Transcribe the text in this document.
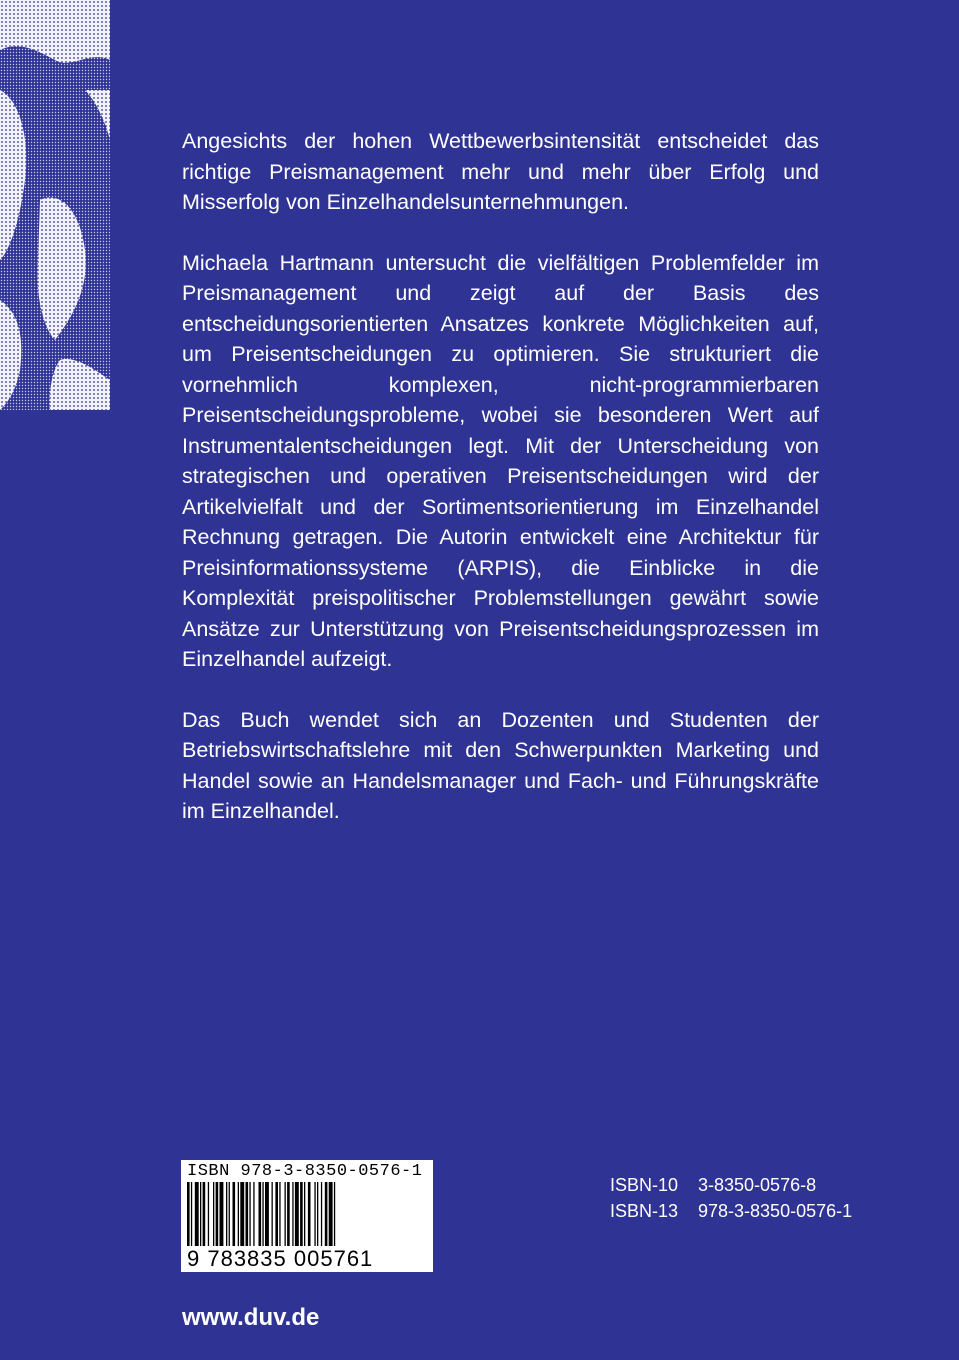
Angesichts der hohen Wettbewerbsintensität entscheidet das richtige Preismanagement mehr und mehr über Erfolg und Misserfolg von Einzelhandelsunternehmungen.

Michaela Hartmann untersucht die vielfältigen Problemfelder im Preismanagement und zeigt auf der Basis des entscheidungsorientierten Ansatzes konkrete Möglichkeiten auf, um Preisentscheidungen zu optimieren. Sie strukturiert die vornehmlich komplexen, nicht-programmierbaren Preisentscheidungsprobleme, wobei sie besonderen Wert auf Instrumentalentscheidungen legt. Mit der Unterscheidung von strategischen und operativen Preisentscheidungen wird der Artikelvielfalt und der Sortimentsorientierung im Einzelhandel Rechnung getragen. Die Autorin entwickelt eine Architektur für Preisinformationssysteme (ARPIS), die Einblicke in die Komplexität preispolitischer Problemstellungen gewährt sowie Ansätze zur Unterstützung von Preisentscheidungsprozessen im Einzelhandel aufzeigt.

Das Buch wendet sich an Dozenten und Studenten der Betriebswirtschaftslehre mit den Schwerpunkten Marketing und Handel sowie an Handelsmanager und Fach- und Führungskräfte im Einzelhandel.

ISBN 978-3-8350-0576-1
9 783835 005761
ISBN-10 3-8350-0576-8
ISBN-13 978-3-8350-0576-1
www.duv.de
